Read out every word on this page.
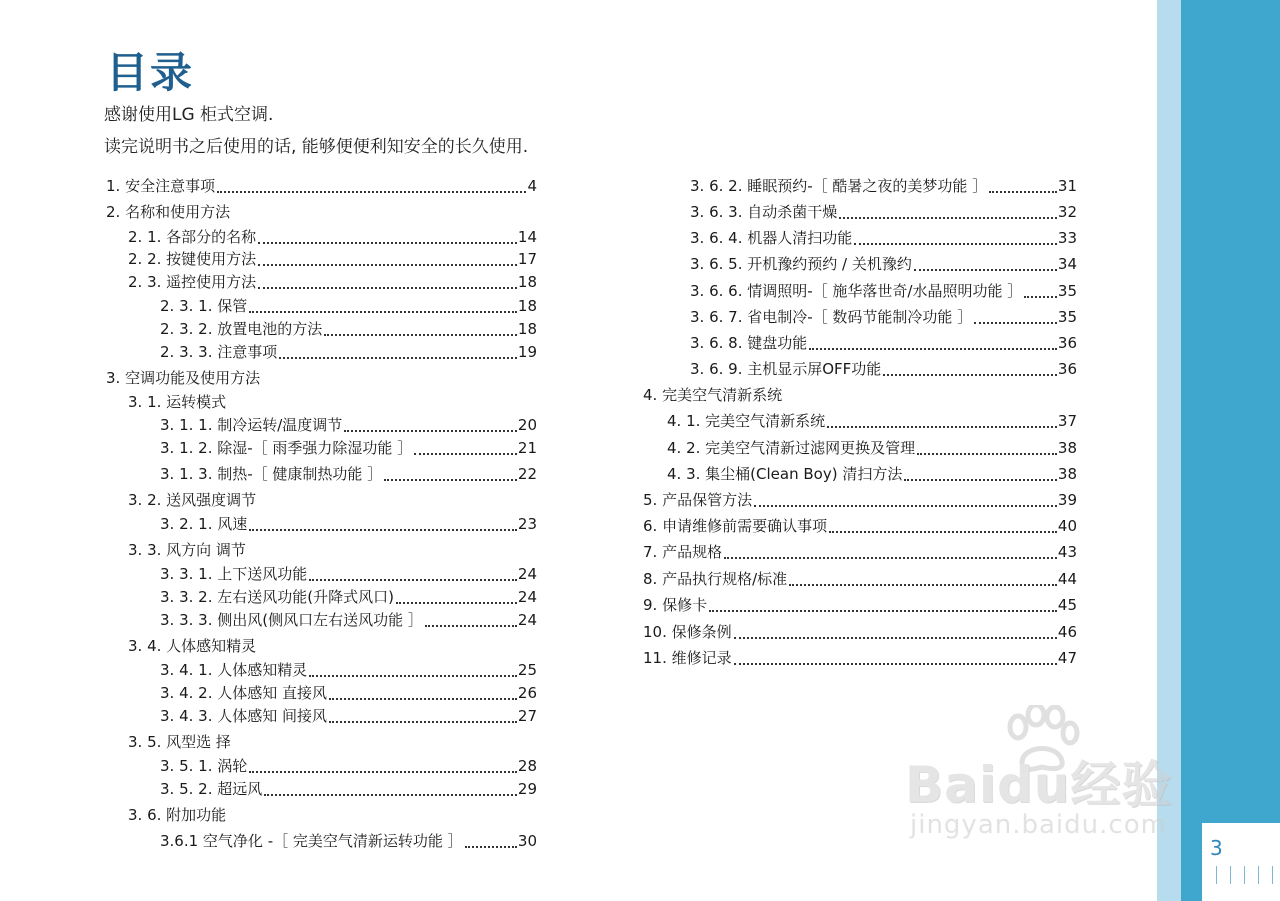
目录
感谢使用LG 柜式空调.
读完说明书之后使用的话, 能够便便利知安全的长久使用.
1. 安全注意事项	4
2. 名称和使用方法
2. 1. 各部分的名称	14
2. 2. 按键使用方法	17
2. 3. 遥控使用方法	18
2. 3. 1. 保管	18
2. 3. 2. 放置电池的方法	18
2. 3. 3. 注意事项	19
3. 空调功能及使用方法
3. 1. 运转模式
3. 1. 1. 制冷运转/温度调节	20
3. 1. 2. 除湿-［ 雨季强力除湿功能 ］	21
3. 1. 3. 制热-［ 健康制热功能 ］	22
3. 2. 送风强度调节
3. 2. 1. 风速	23
3. 3. 风方向 调节
3. 3. 1. 上下送风功能	24
3. 3. 2. 左右送风功能(升降式风口)	24
3. 3. 3. 侧出风(侧风口左右送风功能 ］	24
3. 4. 人体感知精灵
3. 4. 1. 人体感知精灵	25
3. 4. 2. 人体感知 直接风	26
3. 4. 3. 人体感知 间接风	27
3. 5. 风型选 择
3. 5. 1. 涡轮	28
3. 5. 2. 超远风	29
3. 6. 附加功能
3.6.1 空气净化 -［ 完美空气清新运转功能 ］	30
3. 6. 2. 睡眠预约-［ 酷暑之夜的美梦功能 ］	31
3. 6. 3. 自动杀菌干燥	32
3. 6. 4. 机器人清扫功能	33
3. 6. 5. 开机豫约预约 / 关机豫约	34
3. 6. 6. 情调照明-［ 施华落世奇/水晶照明功能 ］ 35
3. 6. 7. 省电制冷-［ 数码节能制冷功能 ］	35
3. 6. 8. 键盘功能	36
3. 6. 9. 主机显示屏OFF功能	36
4. 完美空气清新系统
4. 1. 完美空气清新系统	37
4. 2. 完美空气清新过滤网更换及管理	38
4. 3. 集尘桶(Clean Boy) 清扫方法	38
5. 产品保管方法	39
6. 申请维修前需要确认事项	40
7. 产品规格	43
8. 产品执行规格/标准	44
9. 保修卡	45
10. 保修条例	46
11. 维修记录	47
3
Baidu经验
jingyan.baidu.com
